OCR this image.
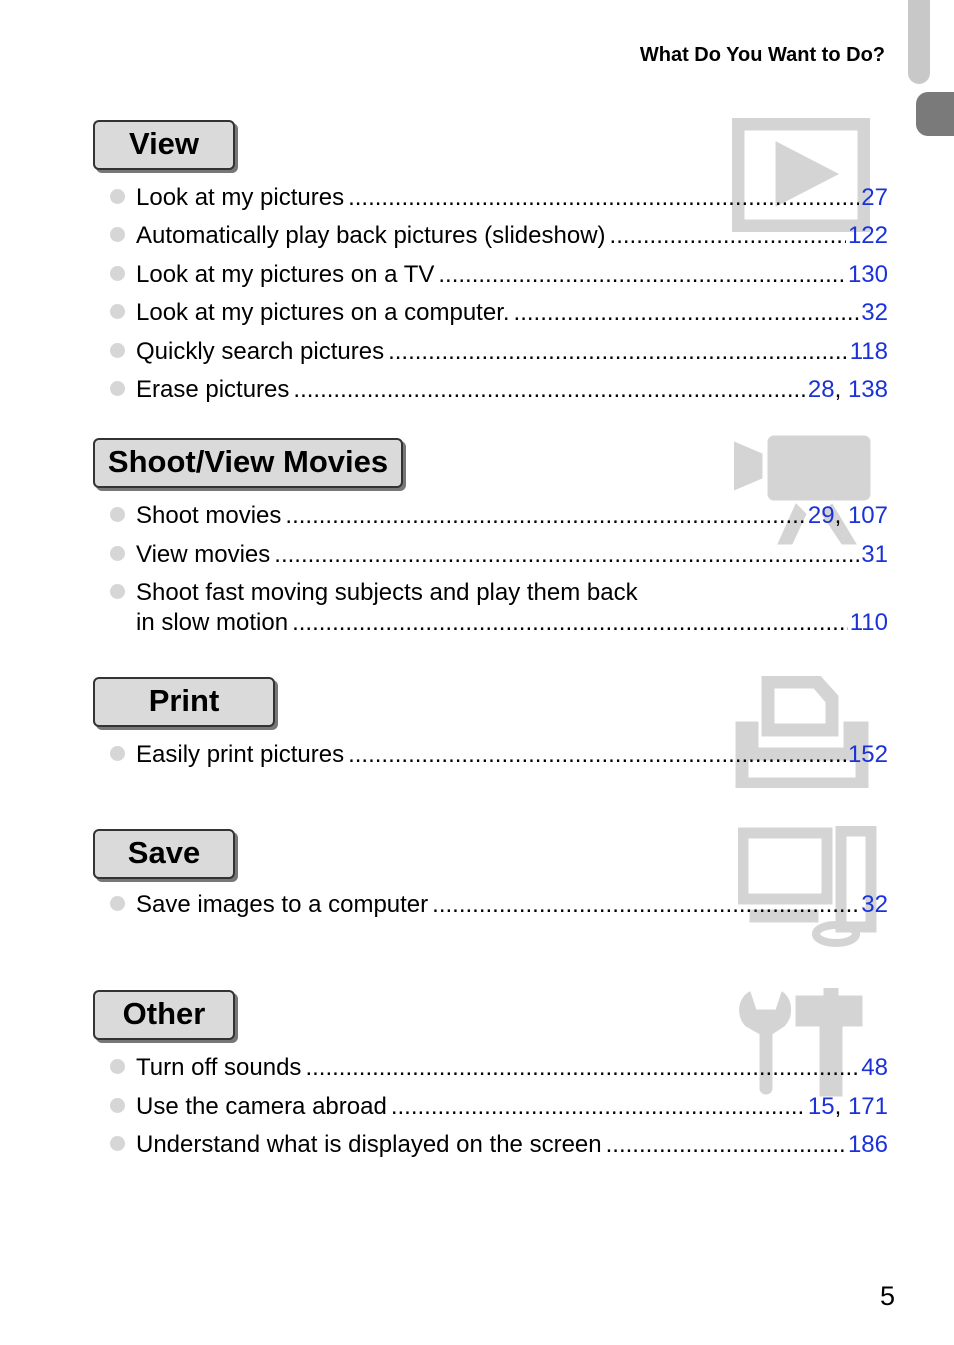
What Do You Want to Do?
View
Look at my pictures .....	27
Automatically play back pictures (slideshow) .....	122
Look at my pictures on a TV .....	130
Look at my pictures on a computer. .....	32
Quickly search pictures .....	118
Erase pictures .....	28, 138
Shoot/View Movies
Shoot movies .....	29, 107
View movies .....	31
Shoot fast moving subjects and play them back
in slow motion .....	110
Print
Easily print pictures .....	152
Save
Save images to a computer .....	32
Other
Turn off sounds .....	48
Use the camera abroad .....	15, 171
Understand what is displayed on the screen .....	186
5
